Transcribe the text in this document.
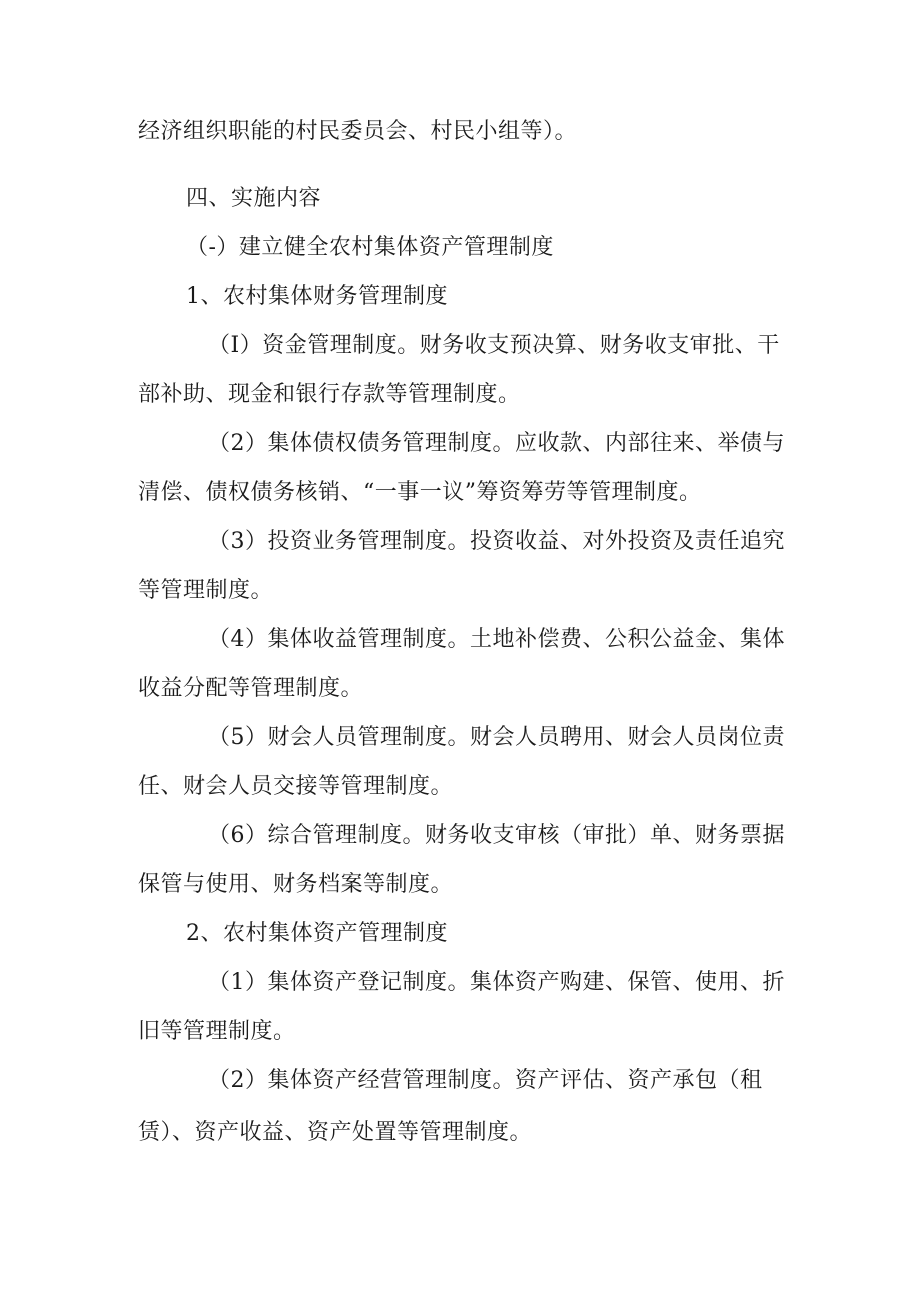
经济组织职能的村民委员会、村民小组等）。
四、实施内容
（-）建立健全农村集体资产管理制度
1、农村集体财务管理制度
（I）资金管理制度。财务收支预决算、财务收支审批、干
部补助、现金和银行存款等管理制度。
（2）集体债权债务管理制度。应收款、内部往来、举债与
清偿、债权债务核销、“一事一议”筹资筹劳等管理制度。
（3）投资业务管理制度。投资收益、对外投资及责任追究
等管理制度。
（4）集体收益管理制度。土地补偿费、公积公益金、集体
收益分配等管理制度。
（5）财会人员管理制度。财会人员聘用、财会人员岗位责
任、财会人员交接等管理制度。
（6）综合管理制度。财务收支审核（审批）单、财务票据
保管与使用、财务档案等制度。
2、农村集体资产管理制度
（1）集体资产登记制度。集体资产购建、保管、使用、折
旧等管理制度。
（2）集体资产经营管理制度。资产评估、资产承包（租
赁）、资产收益、资产处置等管理制度。
